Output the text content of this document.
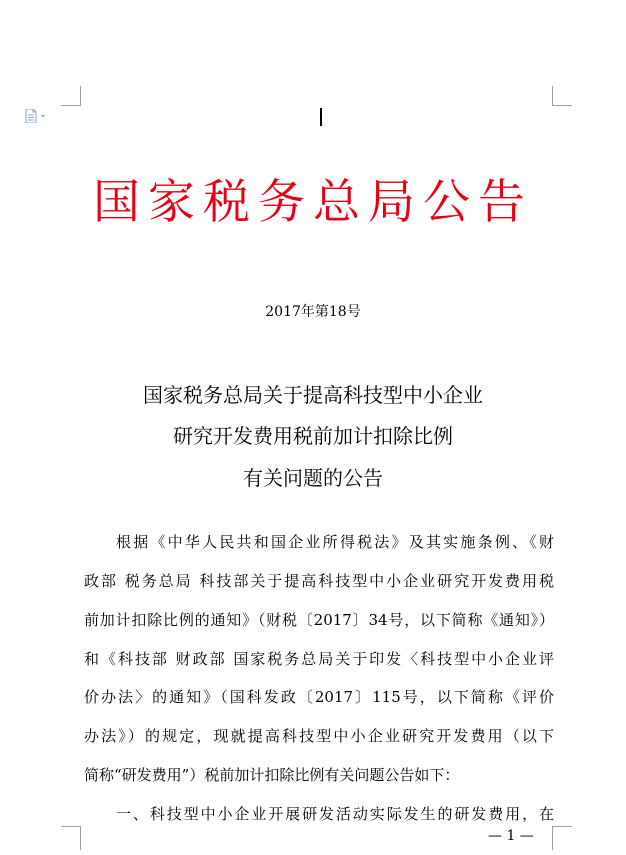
国家税务总局公告
2017年第18号
国家税务总局关于提高科技型中小企业
研究开发费用税前加计扣除比例
有关问题的公告
根据《中华人民共和国企业所得税法》及其实施条例、《财
政部 税务总局 科技部关于提高科技型中小企业研究开发费用税
前加计扣除比例的通知》（财税〔2017〕34号，以下简称《通知》）
和《科技部 财政部 国家税务总局关于印发〈科技型中小企业评
价办法〉的通知》（国科发政〔2017〕115号，以下简称《评价
办法》）的规定，现就提高科技型中小企业研究开发费用（以下
简称“研发费用”）税前加计扣除比例有关问题公告如下：
一、科技型中小企业开展研发活动实际发生的研发费用，在
— 1 —
